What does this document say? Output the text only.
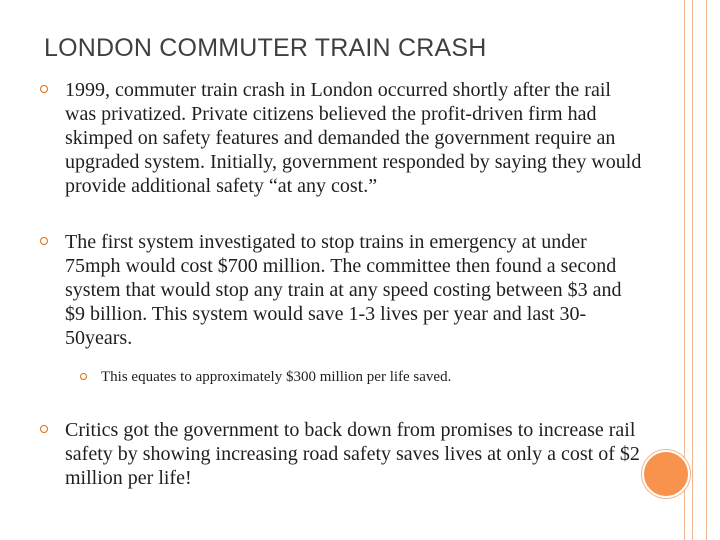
LONDON COMMUTER TRAIN CRASH
1999, commuter train crash in London occurred shortly after the rail was privatized. Private citizens believed the profit-driven firm had skimped on safety features and demanded the government require an upgraded system. Initially, government responded by saying they would provide additional safety “at any cost.”
The first system investigated to stop trains in emergency at under 75mph would cost $700 million. The committee then found a second system that would stop any train at any speed costing between $3 and $9 billion. This system would save 1-3 lives per year and last 30-50years.
This equates to approximately $300 million per life saved.
Critics got the government to back down from promises to increase rail safety by showing increasing road safety saves lives at only a cost of $2 million per life!
